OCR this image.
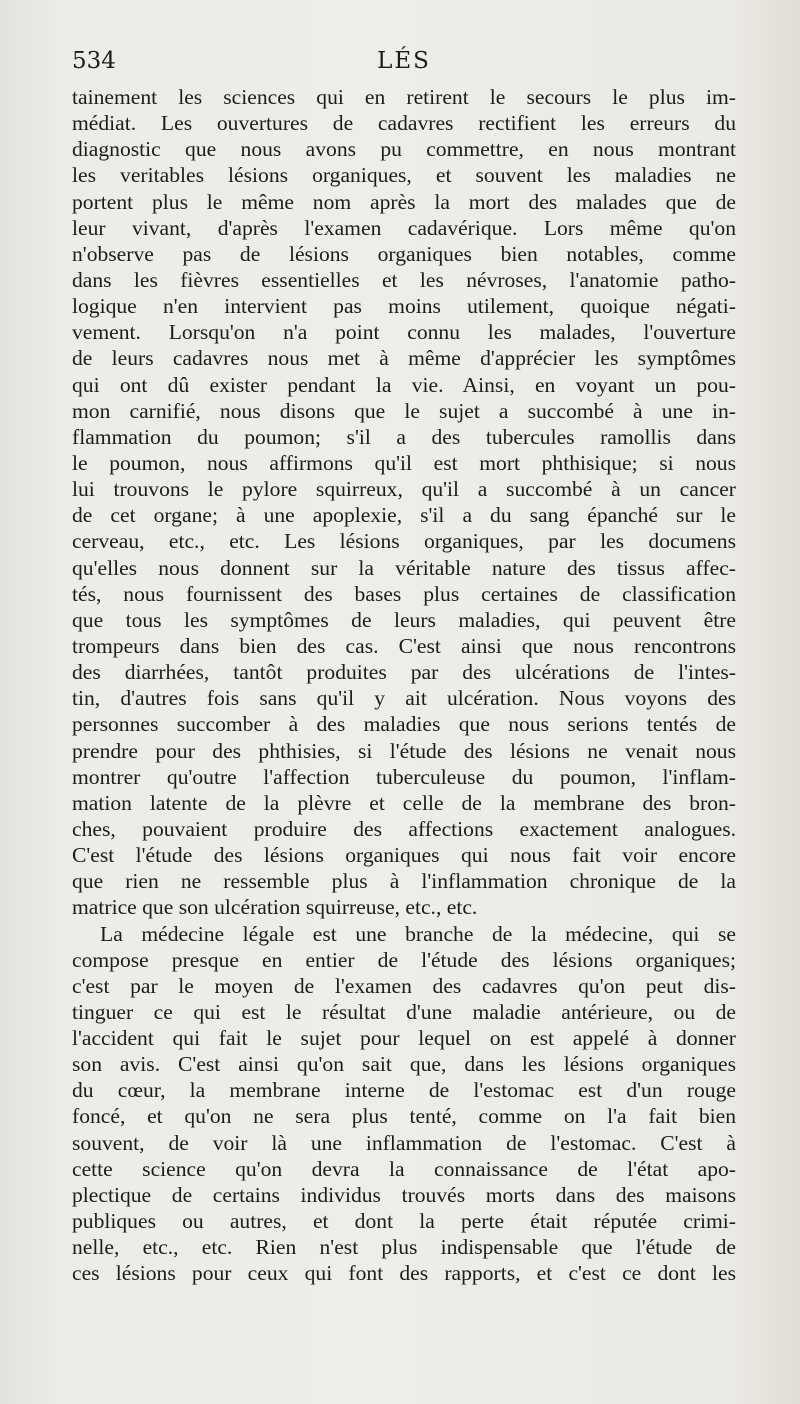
534	LÉS
tainement les sciences qui en retirent le secours le plus im-
médiat. Les ouvertures de cadavres rectifient les erreurs du
diagnostic que nous avons pu commettre, en nous montrant
les veritables lésions organiques, et souvent les maladies ne
portent plus le même nom après la mort des malades que de
leur vivant, d'après l'examen cadavérique. Lors même qu'on
n'observe pas de lésions organiques bien notables, comme
dans les fièvres essentielles et les névroses, l'anatomie patho-
logique n'en intervient pas moins utilement, quoique négati-
vement. Lorsqu'on n'a point connu les malades, l'ouverture
de leurs cadavres nous met à même d'apprécier les symptômes
qui ont dû exister pendant la vie. Ainsi, en voyant un pou-
mon carnifié, nous disons que le sujet a succombé à une in-
flammation du poumon; s'il a des tubercules ramollis dans
le poumon, nous affirmons qu'il est mort phthisique; si nous
lui trouvons le pylore squirreux, qu'il a succombé à un cancer
de cet organe; à une apoplexie, s'il a du sang épanché sur le
cerveau, etc., etc. Les lésions organiques, par les documens
qu'elles nous donnent sur la véritable nature des tissus affec-
tés, nous fournissent des bases plus certaines de classification
que tous les symptômes de leurs maladies, qui peuvent être
trompeurs dans bien des cas. C'est ainsi que nous rencontrons
des diarrhées, tantôt produites par des ulcérations de l'intes-
tin, d'autres fois sans qu'il y ait ulcération. Nous voyons des
personnes succomber à des maladies que nous serions tentés de
prendre pour des phthisies, si l'étude des lésions ne venait nous
montrer qu'outre l'affection tuberculeuse du poumon, l'inflam-
mation latente de la plèvre et celle de la membrane des bron-
ches, pouvaient produire des affections exactement analogues.
C'est l'étude des lésions organiques qui nous fait voir encore
que rien ne ressemble plus à l'inflammation chronique de la
matrice que son ulcération squirreuse, etc., etc.
La médecine légale est une branche de la médecine, qui se
compose presque en entier de l'étude des lésions organiques;
c'est par le moyen de l'examen des cadavres qu'on peut dis-
tinguer ce qui est le résultat d'une maladie antérieure, ou de
l'accident qui fait le sujet pour lequel on est appelé à donner
son avis. C'est ainsi qu'on sait que, dans les lésions organiques
du cœur, la membrane interne de l'estomac est d'un rouge
foncé, et qu'on ne sera plus tenté, comme on l'a fait bien
souvent, de voir là une inflammation de l'estomac. C'est à
cette science qu'on devra la connaissance de l'état apo-
plectique de certains individus trouvés morts dans des maisons
publiques ou autres, et dont la perte était réputée crimi-
nelle, etc., etc. Rien n'est plus indispensable que l'étude de
ces lésions pour ceux qui font des rapports, et c'est ce dont les
